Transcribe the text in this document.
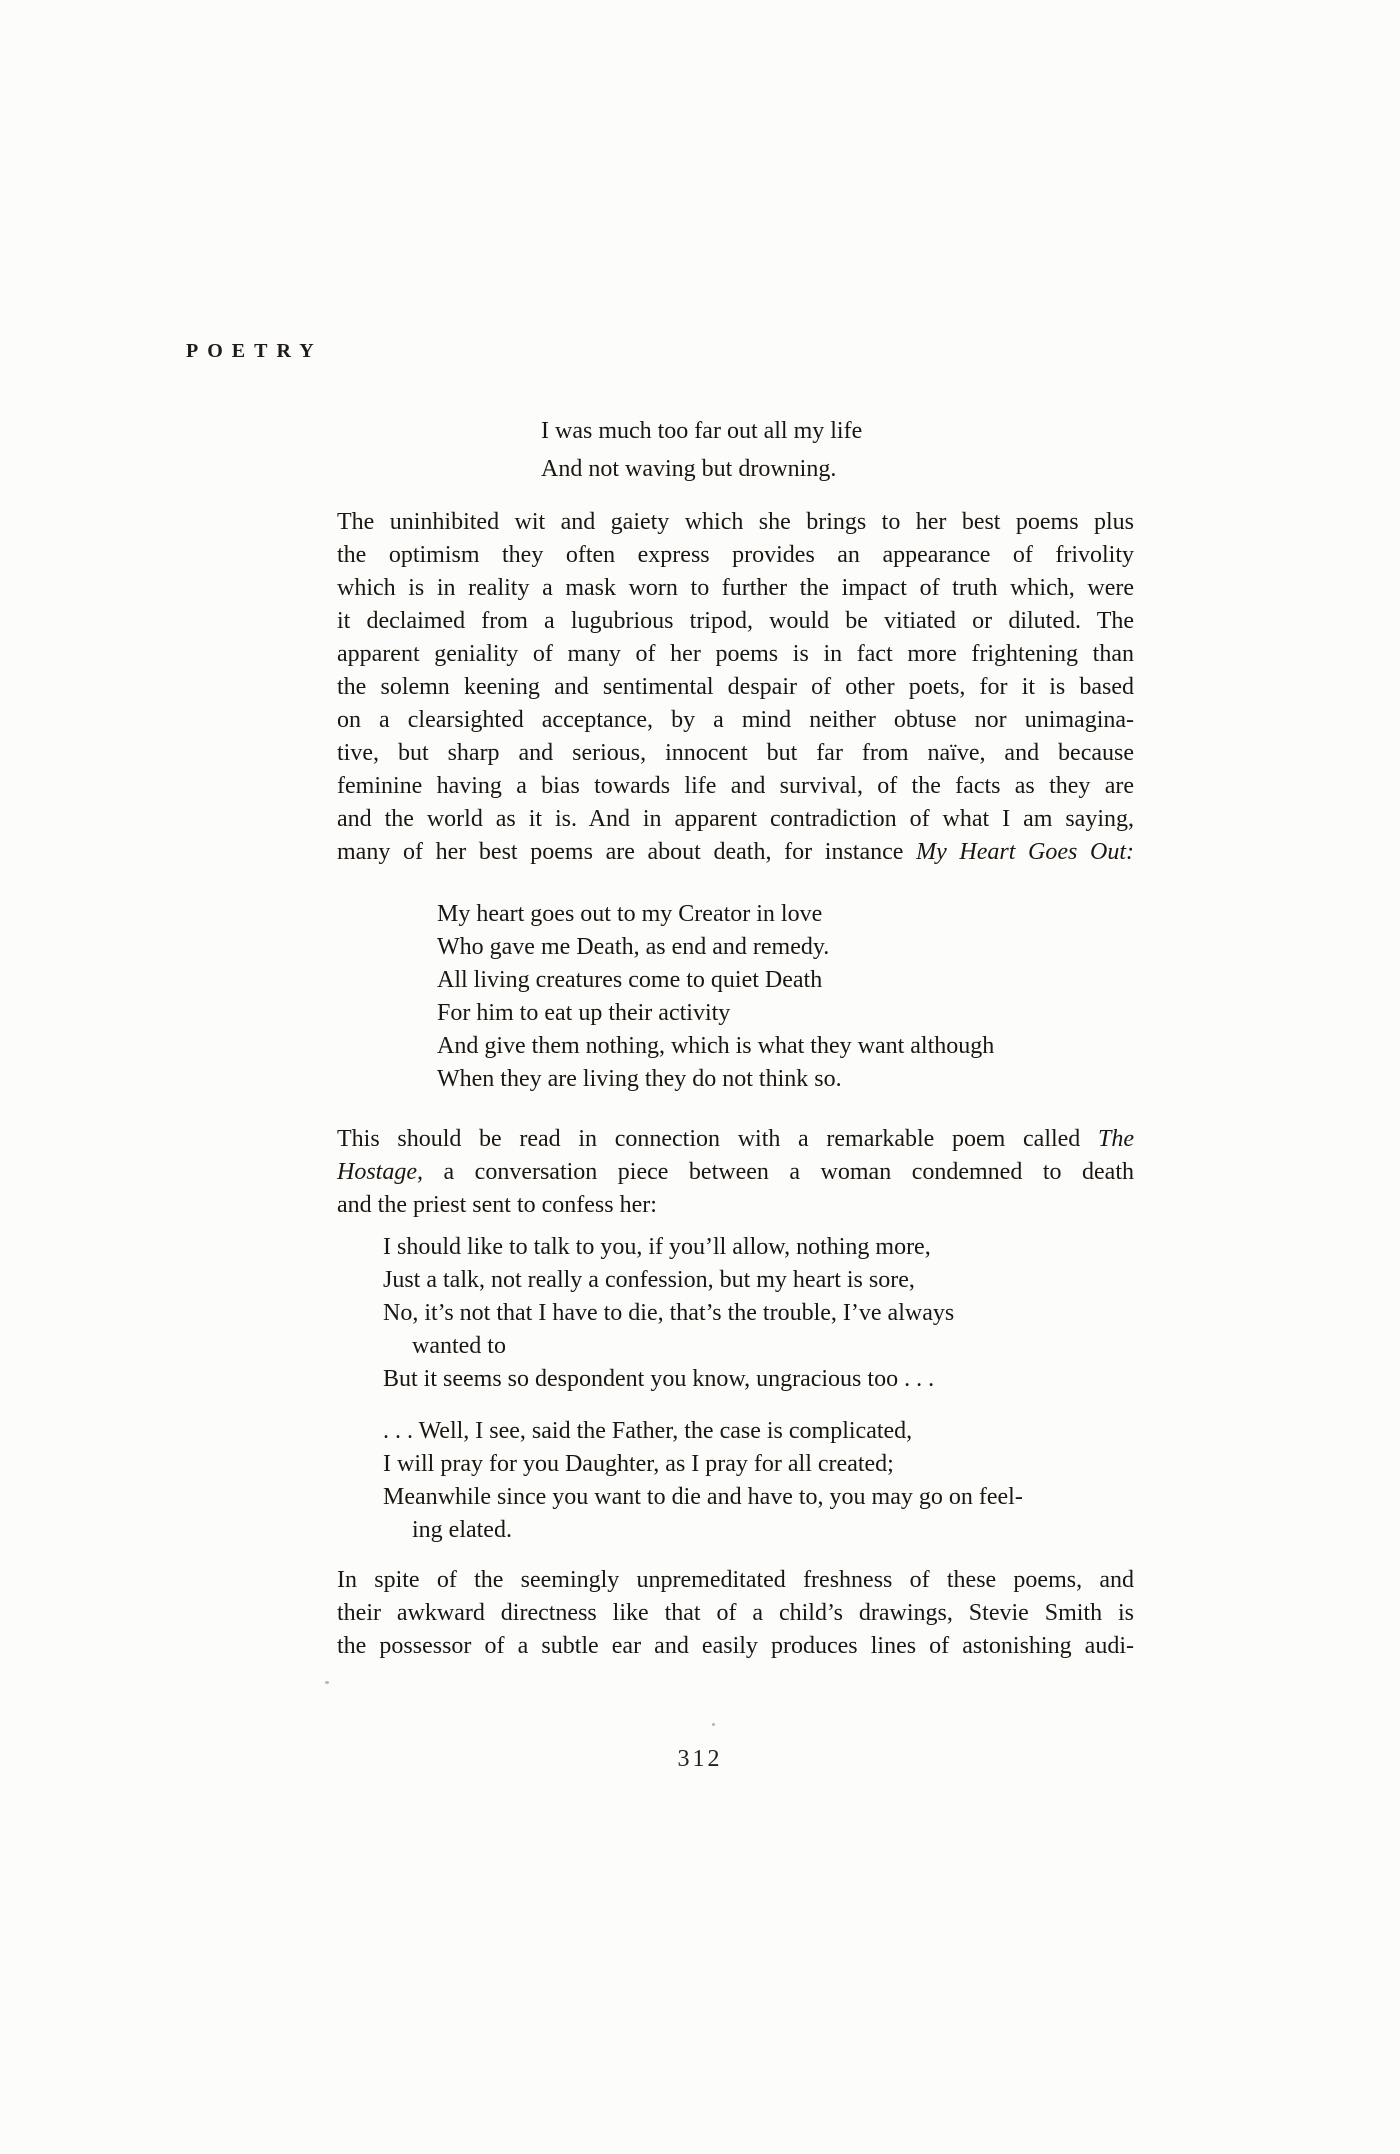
POETRY
I was much too far out all my life
And not waving but drowning.
The uninhibited wit and gaiety which she brings to her best poems plus
the optimism they often express provides an appearance of frivolity
which is in reality a mask worn to further the impact of truth which, were
it declaimed from a lugubrious tripod, would be vitiated or diluted. The
apparent geniality of many of her poems is in fact more frightening than
the solemn keening and sentimental despair of other poets, for it is based
on a clearsighted acceptance, by a mind neither obtuse nor unimagina-
tive, but sharp and serious, innocent but far from naïve, and because
feminine having a bias towards life and survival, of the facts as they are
and the world as it is. And in apparent contradiction of what I am saying,
many of her best poems are about death, for instance My Heart Goes Out:
My heart goes out to my Creator in love
Who gave me Death, as end and remedy.
All living creatures come to quiet Death
For him to eat up their activity
And give them nothing, which is what they want although
When they are living they do not think so.
This should be read in connection with a remarkable poem called The
Hostage, a conversation piece between a woman condemned to death
and the priest sent to confess her:
I should like to talk to you, if you’ll allow, nothing more,
Just a talk, not really a confession, but my heart is sore,
No, it’s not that I have to die, that’s the trouble, I’ve always
wanted to
But it seems so despondent you know, ungracious too . . .
. . . Well, I see, said the Father, the case is complicated,
I will pray for you Daughter, as I pray for all created;
Meanwhile since you want to die and have to, you may go on feel-
ing elated.
In spite of the seemingly unpremeditated freshness of these poems, and
their awkward directness like that of a child’s drawings, Stevie Smith is
the possessor of a subtle ear and easily produces lines of astonishing audi-
312
